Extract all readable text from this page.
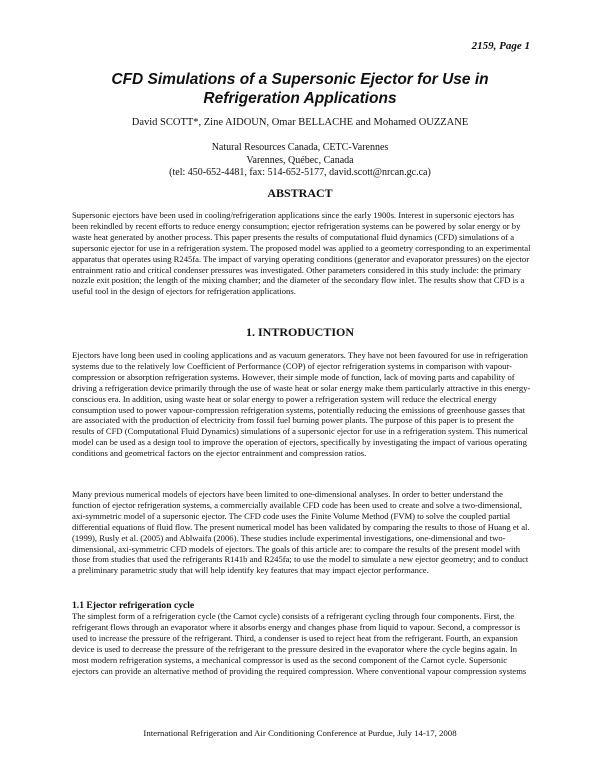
2159, Page 1
CFD Simulations of a Supersonic Ejector for Use in
Refrigeration Applications
David SCOTT*, Zine AIDOUN, Omar BELLACHE and Mohamed OUZZANE
Natural Resources Canada, CETC-Varennes
Varennes, Québec, Canada
(tel: 450-652-4481, fax: 514-652-5177, david.scott@nrcan.gc.ca)
ABSTRACT

Supersonic ejectors have been used in cooling/refrigeration applications since the early 1900s. Interest in supersonic ejectors has been rekindled by recent efforts to reduce energy consumption; ejector refrigeration systems can be powered by solar energy or by waste heat generated by another process. This paper presents the results of computational fluid dynamics (CFD) simulations of a supersonic ejector for use in a refrigeration system. The proposed model was applied to a geometry corresponding to an experimental apparatus that operates using R245fa. The impact of varying operating conditions (generator and evaporator pressures) on the ejector entrainment ratio and critical condenser pressures was investigated. Other parameters considered in this study include: the primary nozzle exit position; the length of the mixing chamber; and the diameter of the secondary flow inlet. The results show that CFD is a useful tool in the design of ejectors for refrigeration applications.

1. INTRODUCTION

Ejectors have long been used in cooling applications and as vacuum generators. They have not been favoured for use in refrigeration systems due to the relatively low Coefficient of Performance (COP) of ejector refrigeration systems in comparison with vapour-compression or absorption refrigeration systems. However, their simple mode of function, lack of moving parts and capability of driving a refrigeration device primarily through the use of waste heat or solar energy make them particularly attractive in this energy-conscious era. In addition, using waste heat or solar energy to power a refrigeration system will reduce the electrical energy consumption used to power vapour-compression refrigeration systems, potentially reducing the emissions of greenhouse gasses that are associated with the production of electricity from fossil fuel burning power plants. The purpose of this paper is to present the results of CFD (Computational Fluid Dynamics) simulations of a supersonic ejector for use in a refrigeration system. This numerical model can be used as a design tool to improve the operation of ejectors, specifically by investigating the impact of various operating conditions and geometrical factors on the ejector entrainment and compression ratios.

Many previous numerical models of ejectors have been limited to one-dimensional analyses. In order to better understand the function of ejector refrigeration systems, a commercially available CFD code has been used to create and solve a two-dimensional, axi-symmetric model of a supersonic ejector. The CFD code uses the Finite Volume Method (FVM) to solve the coupled partial differential equations of fluid flow. The present numerical model has been validated by comparing the results to those of Huang et al. (1999), Rusly et al. (2005) and Ablwaifa (2006). These studies include experimental investigations, one-dimensional and two-dimensional, axi-symmetric CFD models of ejectors. The goals of this article are: to compare the results of the present model with those from studies that used the refrigerants R141b and R245fa; to use the model to simulate a new ejector geometry; and to conduct a preliminary parametric study that will help identify key features that may impact ejector performance.

1.1 Ejector refrigeration cycle

The simplest form of a refrigeration cycle (the Carnot cycle) consists of a refrigerant cycling through four components. First, the refrigerant flows through an evaporator where it absorbs energy and changes phase from liquid to vapour. Second, a compressor is used to increase the pressure of the refrigerant. Third, a condenser is used to reject heat from the refrigerant. Fourth, an expansion device is used to decrease the pressure of the refrigerant to the pressure desired in the evaporator where the cycle begins again. In most modern refrigeration systems, a mechanical compressor is used as the second component of the Carnot cycle. Supersonic ejectors can provide an alternative method of providing the required compression. Where conventional vapour compression systems

International Refrigeration and Air Conditioning Conference at Purdue, July 14-17, 2008
